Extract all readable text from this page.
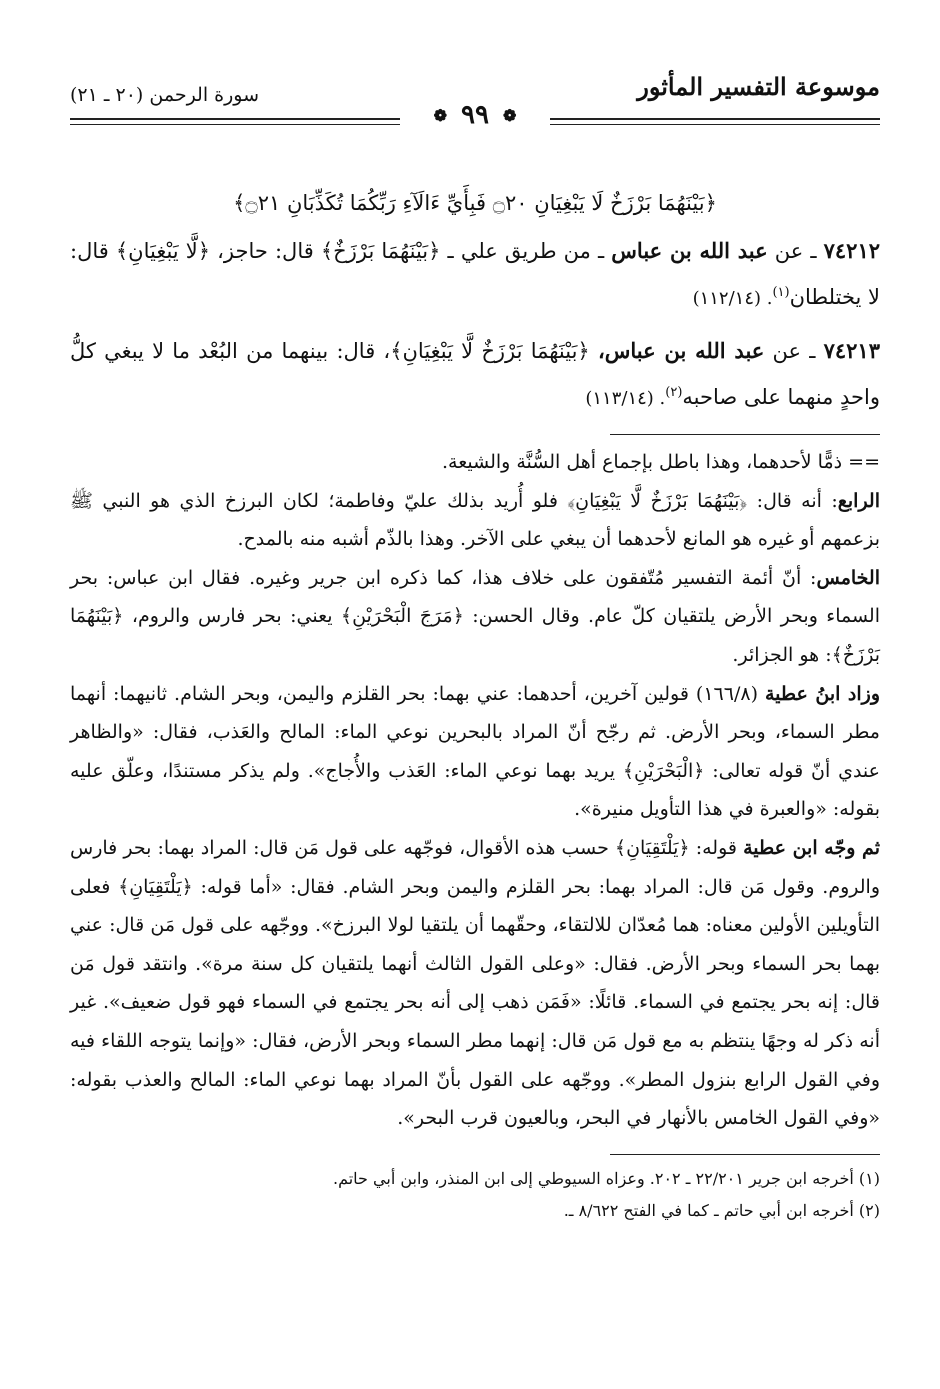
موسوعة التفسير المأثور
سورة الرحمن (٢٠ ـ ٢١)
❁
٩٩
❁
﴿بَيْنَهُمَا بَرْزَخٌ لَا يَبْغِيَانِ ۝٢٠ فَبِأَيِّ ءَالَآءِ رَبِّكُمَا تُكَذِّبَانِ ۝٢١﴾
٧٤٢١٢ ـ عن عبد الله بن عباس ـ من طريق علي ـ ﴿بَيْنَهُمَا بَرْزَخٌ﴾ قال: حاجز، ﴿لَّا يَبْغِيَانِ﴾ قال: لا يختلطان$^{(١)}$. (١١٢/١٤)
٧٤٢١٣ ـ عن عبد الله بن عباس، ﴿بَيْنَهُمَا بَرْزَخٌ لَّا يَبْغِيَانِ﴾، قال: بينهما من البُعْد ما لا يبغي كلُّ واحدٍ منهما على صاحبه$^{(٢)}$. (١١٣/١٤)

== ذمًّا لأحدهما، وهذا باطل بإجماع أهل السُّنَّة والشيعة.

الرابع: أنه قال: ﴿بَيْنَهُمَا بَرْزَخٌ لَّا يَبْغِيَانِ﴾ فلو أُريد بذلك عليّ وفاطمة؛ لكان البرزخ الذي هو النبي ﷺ بزعمهم أو غيره هو المانع لأحدهما أن يبغي على الآخر. وهذا بالذّم أشبه منه بالمدح.

الخامس: أنّ أئمة التفسير مُتّفقون على خلاف هذا، كما ذكره ابن جرير وغيره. فقال ابن عباس: بحر السماء وبحر الأرض يلتقيان كلّ عام. وقال الحسن: ﴿مَرَجَ الْبَحْرَيْنِ﴾ يعني: بحر فارس والروم، ﴿بَيْنَهُمَا بَرْزَخٌ﴾: هو الجزائر.

وزاد ابنُ عطية (١٦٦/٨) قولين آخرين، أحدهما: عني بهما: بحر القلزم واليمن، وبحر الشام. ثانيهما: أنهما مطر السماء، وبحر الأرض. ثم رجّح أنّ المراد بالبحرين نوعي الماء: المالح والعَذب، فقال: «والظاهر عندي أنّ قوله تعالى: ﴿الْبَحْرَيْنِ﴾ يريد بهما نوعي الماء: العَذب والأُجاج». ولم يذكر مستندًا، وعلّق عليه بقوله: «والعبرة في هذا التأويل منيرة».

ثم وجّه ابن عطية قوله: ﴿يَلْتَقِيَانِ﴾ حسب هذه الأقوال، فوجّهه على قول مَن قال: المراد بهما: بحر فارس والروم. وقول مَن قال: المراد بهما: بحر القلزم واليمن وبحر الشام. فقال: «أما قوله: ﴿يَلْتَقِيَانِ﴾ فعلى التأويلين الأولين معناه: هما مُعدّان للالتقاء، وحقّهما أن يلتقيا لولا البرزخ». ووجّهه على قول مَن قال: عني بهما بحر السماء وبحر الأرض. فقال: «وعلى القول الثالث أنهما يلتقيان كل سنة مرة». وانتقد قول مَن قال: إنه بحر يجتمع في السماء. قائلًا: «فَمَن ذهب إلى أنه بحر يجتمع في السماء فهو قول ضعيف». غير أنه ذكر له وجهًا ينتظم به مع قول مَن قال: إنهما مطر السماء وبحر الأرض، فقال: «وإنما يتوجه اللقاء فيه وفي القول الرابع بنزول المطر». ووجّهه على القول بأنّ المراد بهما نوعي الماء: المالح والعذب بقوله: «وفي القول الخامس بالأنهار في البحر، وبالعيون قرب البحر».

(١) أخرجه ابن جرير ٢٢/٢٠١ ـ ٢٠٢. وعزاه السيوطي إلى ابن المنذر، وابن أبي حاتم.

(٢) أخرجه ابن أبي حاتم ـ كما في الفتح ٨/٦٢٢ ـ.
